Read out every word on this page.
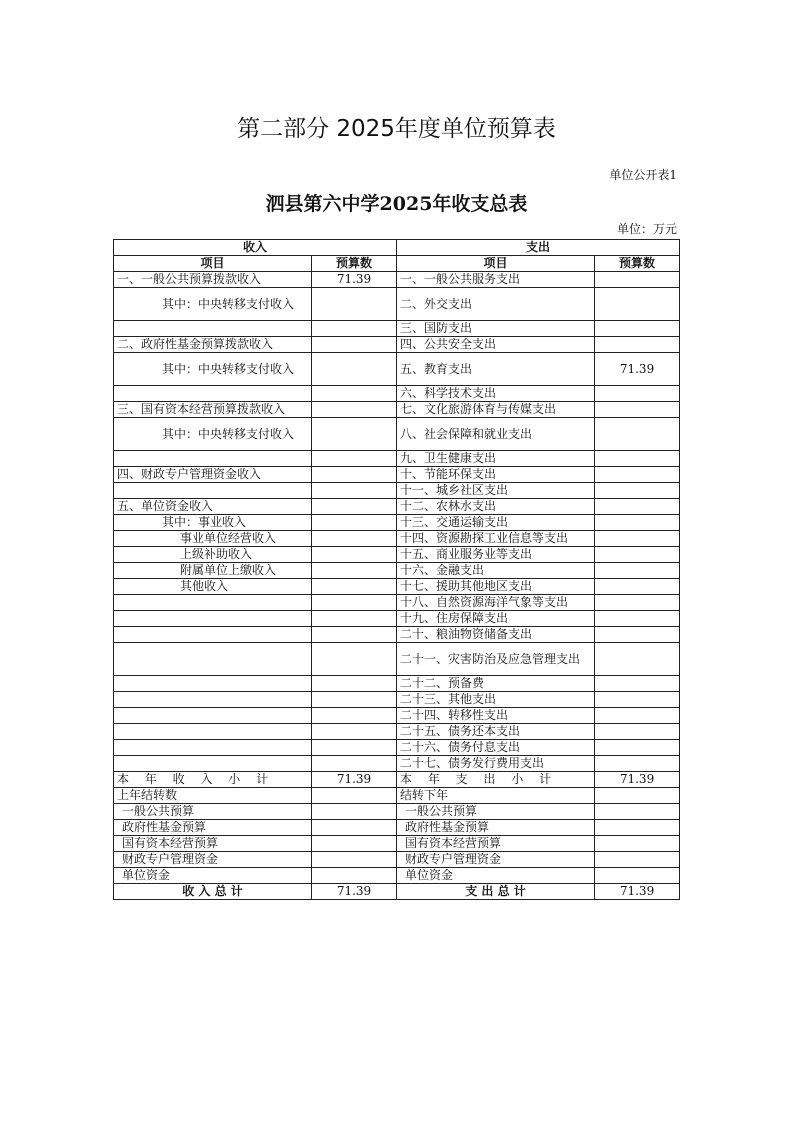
第二部分 2025年度单位预算表
单位公开表1
泗县第六中学2025年收支总表
单位：万元
收入		支出	
项目	预算数	项目	预算数
一、一般公共预算拨款收入	71.39	一、一般公共服务支出	
其中：中央转移支付收入		二、外交支出	
		三、国防支出	
二、政府性基金预算拨款收入		四、公共安全支出	
其中：中央转移支付收入		五、教育支出	71.39
		六、科学技术支出	
三、国有资本经营预算拨款收入		七、文化旅游体育与传媒支出	
其中：中央转移支付收入		八、社会保障和就业支出	
		九、卫生健康支出	
四、财政专户管理资金收入		十、节能环保支出	
		十一、城乡社区支出	
五、单位资金收入		十二、农林水支出	
其中：事业收入		十三、交通运输支出	
事业单位经营收入		十四、资源勘探工业信息等支出	
上级补助收入		十五、商业服务业等支出	
附属单位上缴收入		十六、金融支出	
其他收入		十七、援助其他地区支出	
		十八、自然资源海洋气象等支出	
		十九、住房保障支出	
		二十、粮油物资储备支出	
		二十一、灾害防治及应急管理支出	
		二十二、预备费	
		二十三、其他支出	
		二十四、转移性支出	
		二十五、债务还本支出	
		二十六、债务付息支出	
		二十七、债务发行费用支出	
本 年 收 入 小 计	71.39	本 年 支 出 小 计	71.39
上年结转数		结转下年	
一般公共预算		一般公共预算	
政府性基金预算		政府性基金预算	
国有资本经营预算		国有资本经营预算	
财政专户管理资金		财政专户管理资金	
单位资金		单位资金	
收 入 总 计	71.39	支 出 总 计	71.39
